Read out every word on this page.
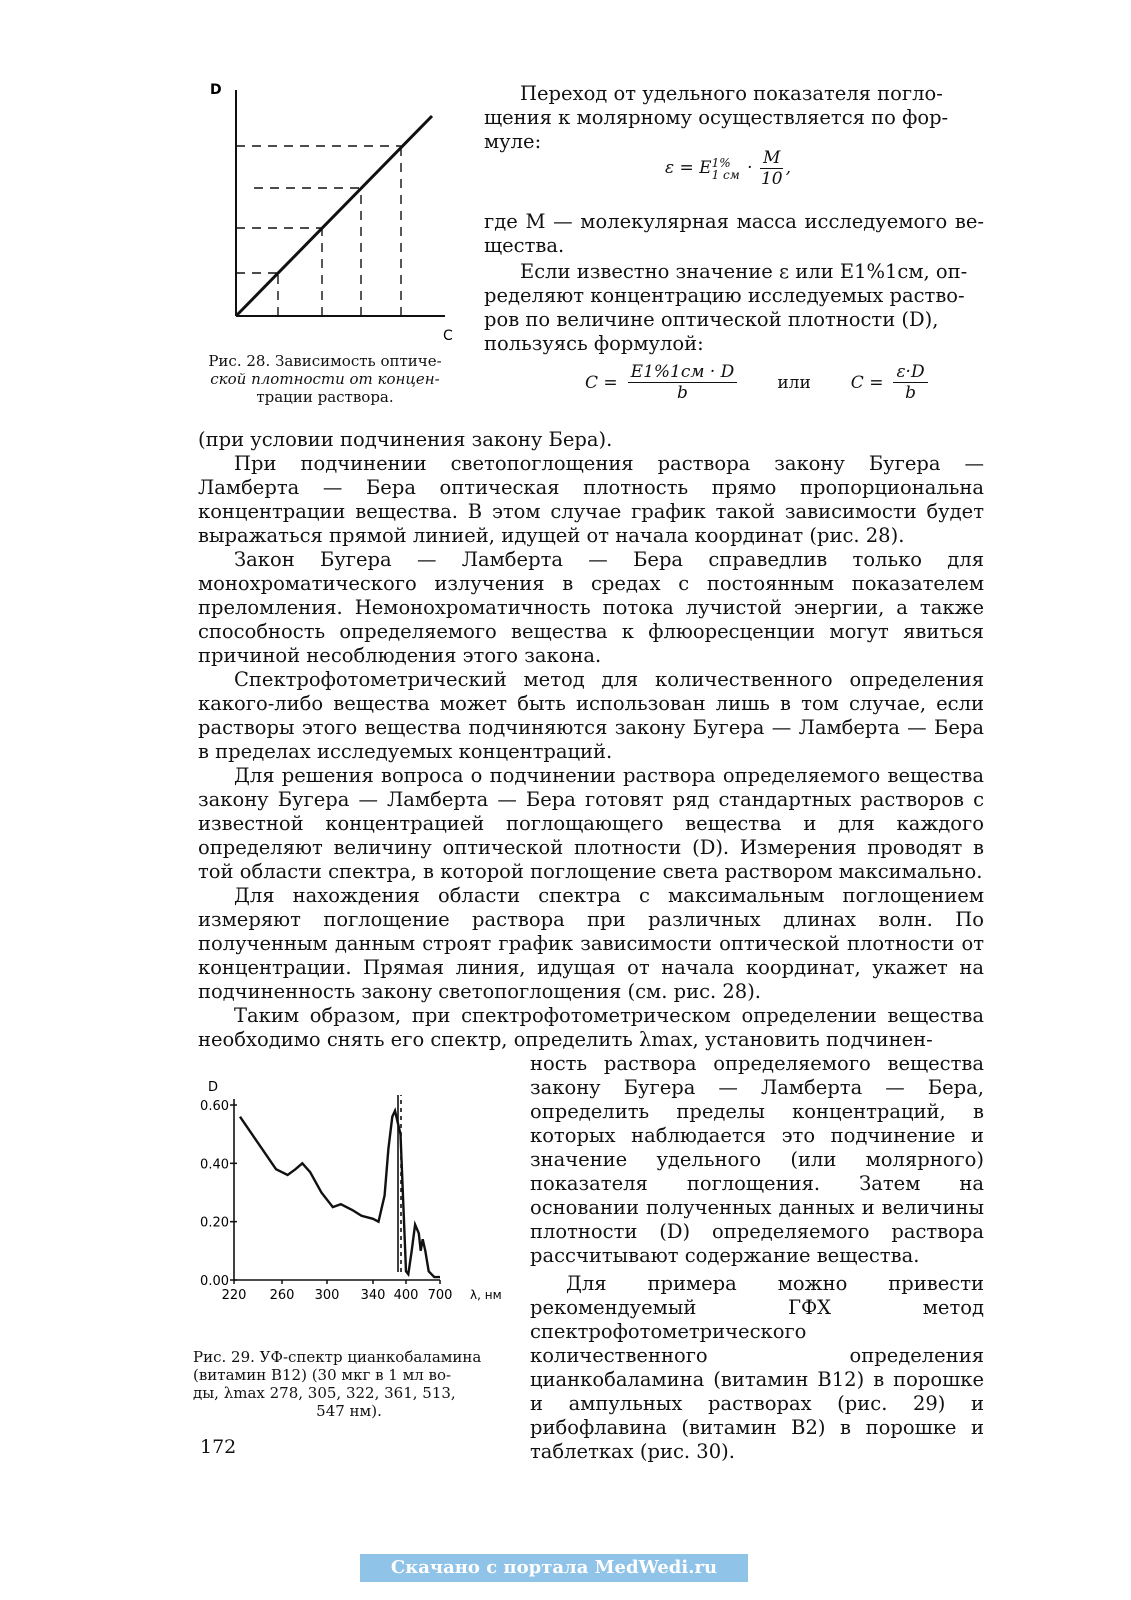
D
C
Рис. 28. Зависимость оптиче-
ской плотности от концен-
трации раствора.
Переход от удельного показателя погло-
щения к молярному осуществляется по фор-
муле:
ε = E 1%
1 см · $\frac{M}{10}$ ,
где М — молекулярная масса исследуемого ве- щества.
Если известно значение ε или E1%1см, оп-
ределяют концентрацию исследуемых раство-
ров по величине оптической плотности (D),
пользуясь формулой:
$C = \frac{E1\%1см \cdot D}{b}$ или $C = \frac{\varepsilon\cdot D}{b}$
(при условии подчинения закону Бера).
При подчинении светопоглощения раствора закону Бугера — Ламберта — Бера оптическая плотность прямо пропорциональна концентрации вещества. В этом случае график такой зависимости будет выражаться прямой линией, идущей от начала координат (рис. 28).
Закон Бугера — Ламберта — Бера справедлив только для монохроматического излучения в средах с постоянным показателем преломления. Немонохроматичность потока лучистой энергии, а также способность определяемого вещества к флюоресценции могут явиться причиной несоблюдения этого закона.
Спектрофотометрический метод для количественного определения какого-либо вещества может быть использован лишь в том случае, если растворы этого вещества подчиняются закону Бугера — Ламберта — Бера в пределах исследуемых концентраций.
Для решения вопроса о подчинении раствора определяемого вещества закону Бугера — Ламберта — Бера готовят ряд стандартных растворов с известной концентрацией поглощающего вещества и для каждого определяют величину оптической плотности (D). Измерения проводят в той области спектра, в которой поглощение света раствором максимально.
Для нахождения области спектра с максимальным поглощением измеряют поглощение раствора при различных длинах волн. По полученным данным строят график зависимости оптической плотности от концентрации. Прямая линия, идущая от начала координат, укажет на подчиненность закону светопоглощения (см. рис. 28).
Таким образом, при спектрофотометрическом определении вещества необходимо снять его спектр, определить λmax, установить подчинен-
ность раствора определяемого вещества закону Бугера — Ламберта — Бера, определить пределы концентраций, в которых наблюдается это подчинение и значение удельного (или молярного) показателя поглощения. Затем на основании полученных данных и величины плотности (D) определяемого раствора рассчитывают содержание вещества.
Для примера можно привести рекомендуемый ГФХ метод спектрофотометрического количественного определения цианкобаламина (витамин B12) в порошке и ампульных растворах (рис. 29) и рибофлавина (витамин B2) в порошке и таблетках (рис. 30).
D
0.60
0.40
0.20
0.00
220 260 300 340 400 700 λ, нм
Рис. 29. УФ-спектр цианкобаламина
(витамин B12) (30 мкг в 1 мл во-
ды, λmax 278, 305, 322, 361, 513,
547 нм).
172
Скачано с портала MedWedi.ru
